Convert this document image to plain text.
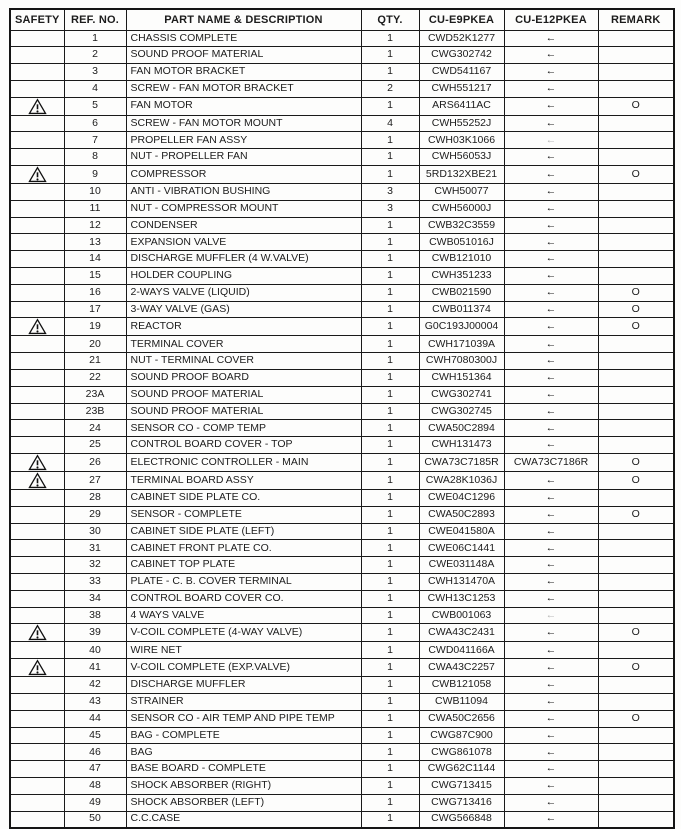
SAFETY	REF. NO.	PART NAME & DESCRIPTION	QTY.	CU-E9PKEA	CU-E12PKEA	REMARK
	1	CHASSIS COMPLETE	1	CWD52K1277	←	
	2	SOUND PROOF MATERIAL	1	CWG302742	←	
	3	FAN MOTOR BRACKET	1	CWD541167	←	
	4	SCREW - FAN MOTOR BRACKET	2	CWH551217	←	

	5	FAN MOTOR	1	ARS6411AC	←	O
	6	SCREW - FAN MOTOR MOUNT	4	CWH55252J	←	
	7	PROPELLER FAN ASSY	1	CWH03K1066	←	
	8	NUT - PROPELLER FAN	1	CWH56053J	←	

	9	COMPRESSOR	1	5RD132XBE21	←	O
	10	ANTI - VIBRATION BUSHING	3	CWH50077	←	
	11	NUT - COMPRESSOR MOUNT	3	CWH56000J	←	
	12	CONDENSER	1	CWB32C3559	←	
	13	EXPANSION VALVE	1	CWB051016J	←	
	14	DISCHARGE MUFFLER (4 W.VALVE)	1	CWB121010	←	
	15	HOLDER COUPLING	1	CWH351233	←	
	16	2-WAYS VALVE (LIQUID)	1	CWB021590	←	O
	17	3-WAY VALVE (GAS)	1	CWB011374	←	O

	19	REACTOR	1	G0C193J00004	←	O
	20	TERMINAL COVER	1	CWH171039A	←	
	21	NUT - TERMINAL COVER	1	CWH7080300J	←	
	22	SOUND PROOF BOARD	1	CWH151364	←	
	23A	SOUND PROOF MATERIAL	1	CWG302741	←	
	23B	SOUND PROOF MATERIAL	1	CWG302745	←	
	24	SENSOR CO - COMP TEMP	1	CWA50C2894	←	
	25	CONTROL BOARD COVER - TOP	1	CWH131473	←	

	26	ELECTRONIC CONTROLLER - MAIN	1	CWA73C7185R	CWA73C7186R	O

	27	TERMINAL BOARD ASSY	1	CWA28K1036J	←	O
	28	CABINET SIDE PLATE CO.	1	CWE04C1296	←	
	29	SENSOR - COMPLETE	1	CWA50C2893	←	O
	30	CABINET SIDE PLATE (LEFT)	1	CWE041580A	←	
	31	CABINET FRONT PLATE CO.	1	CWE06C1441	←	
	32	CABINET TOP PLATE	1	CWE031148A	←	
	33	PLATE - C. B. COVER TERMINAL	1	CWH131470A	←	
	34	CONTROL BOARD COVER CO.	1	CWH13C1253	←	
	38	4 WAYS VALVE	1	CWB001063	←	

	39	V-COIL COMPLETE (4-WAY VALVE)	1	CWA43C2431	←	O
	40	WIRE NET	1	CWD041166A	←	

	41	V-COIL COMPLETE (EXP.VALVE)	1	CWA43C2257	←	O
	42	DISCHARGE MUFFLER	1	CWB121058	←	
	43	STRAINER	1	CWB11094	←	
	44	SENSOR CO - AIR TEMP AND PIPE TEMP	1	CWA50C2656	←	O
	45	BAG - COMPLETE	1	CWG87C900	←	
	46	BAG	1	CWG861078	←	
	47	BASE BOARD - COMPLETE	1	CWG62C1144	←	
	48	SHOCK ABSORBER (RIGHT)	1	CWG713415	←	
	49	SHOCK ABSORBER (LEFT)	1	CWG713416	←	
	50	C.C.CASE	1	CWG566848	←	
